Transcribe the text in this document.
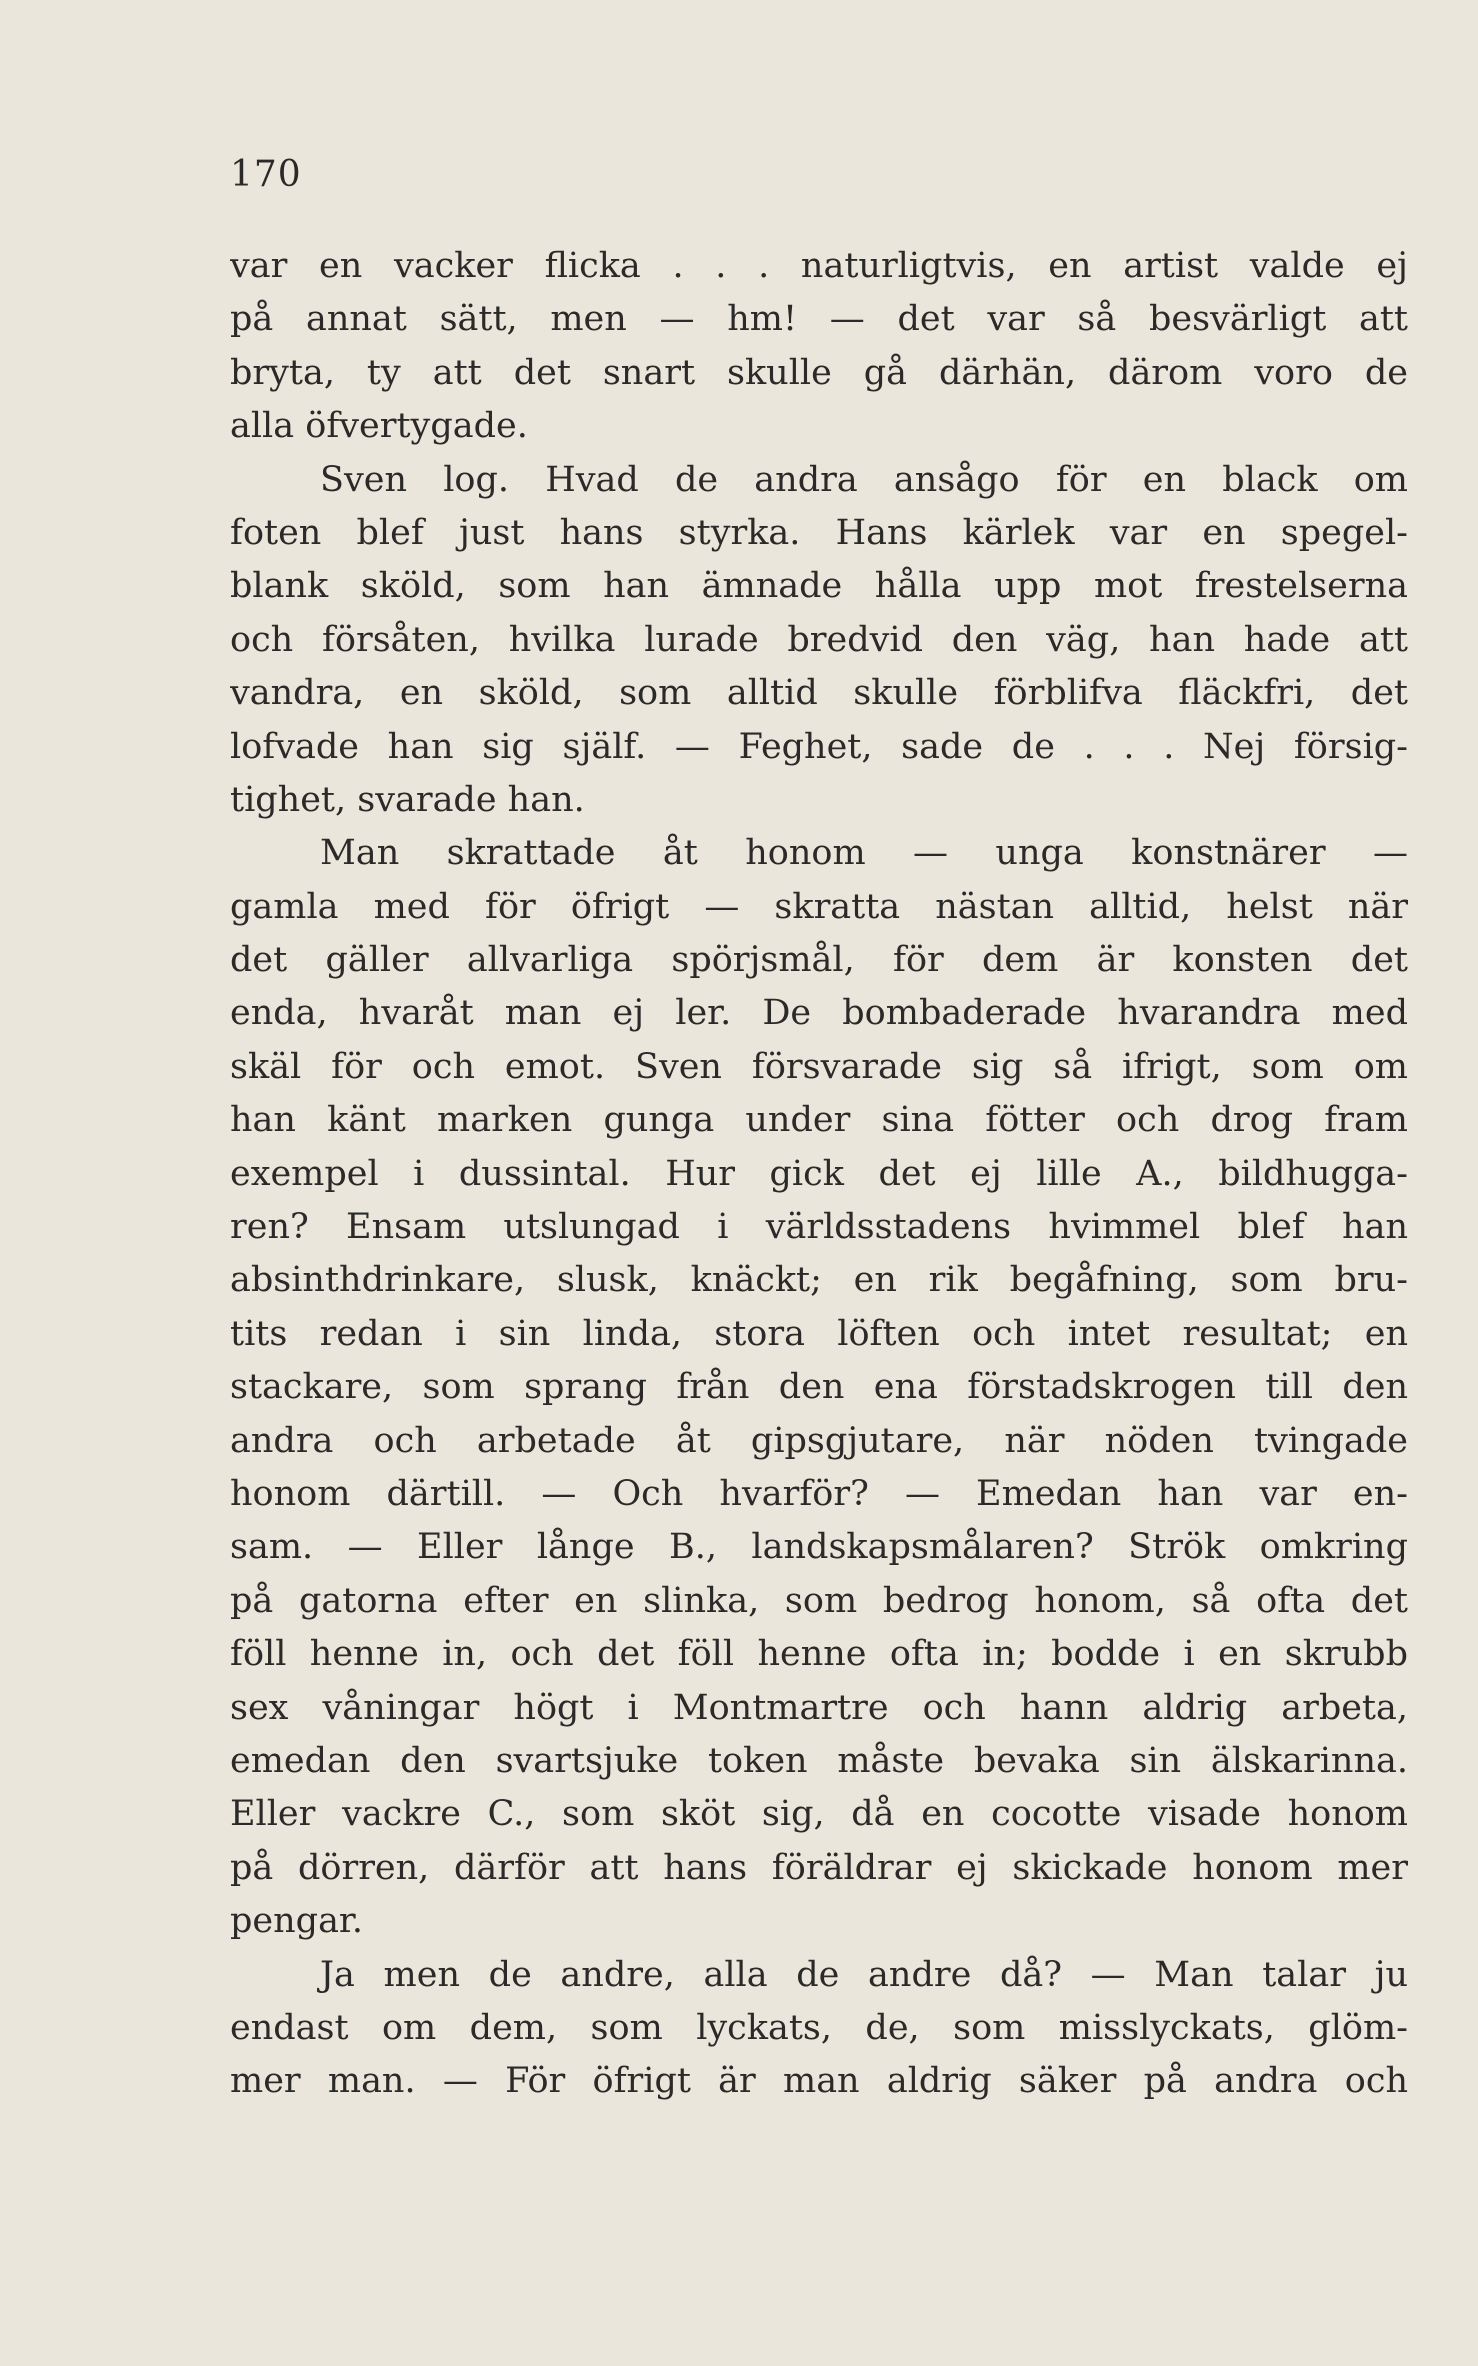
170
var en vacker flicka . . . naturligtvis, en artist valde ej
på annat sätt, men — hm! — det var så besvärligt att
bryta, ty att det snart skulle gå därhän, därom voro de
alla öfvertygade.
Sven log. Hvad de andra ansågo för en black om
foten blef just hans styrka. Hans kärlek var en spegel-
blank sköld, som han ämnade hålla upp mot frestelserna
och försåten, hvilka lurade bredvid den väg, han hade att
vandra, en sköld, som alltid skulle förblifva fläckfri, det
lofvade han sig själf. — Feghet, sade de . . . Nej försig-
tighet, svarade han.
Man skrattade åt honom — unga konstnärer —
gamla med för öfrigt — skratta nästan alltid, helst när
det gäller allvarliga spörjsmål, för dem är konsten det
enda, hvaråt man ej ler. De bombaderade hvarandra med
skäl för och emot. Sven försvarade sig så ifrigt, som om
han känt marken gunga under sina fötter och drog fram
exempel i dussintal. Hur gick det ej lille A., bildhugga-
ren? Ensam utslungad i världsstadens hvimmel blef han
absinthdrinkare, slusk, knäckt; en rik begåfning, som bru-
tits redan i sin linda, stora löften och intet resultat; en
stackare, som sprang från den ena förstadskrogen till den
andra och arbetade åt gipsgjutare, när nöden tvingade
honom därtill. — Och hvarför? — Emedan han var en-
sam. — Eller långe B., landskapsmålaren? Strök omkring
på gatorna efter en slinka, som bedrog honom, så ofta det
föll henne in, och det föll henne ofta in; bodde i en skrubb
sex våningar högt i Montmartre och hann aldrig arbeta,
emedan den svartsjuke token måste bevaka sin älskarinna.
Eller vackre C., som sköt sig, då en cocotte visade honom
på dörren, därför att hans föräldrar ej skickade honom mer
pengar.
Ja men de andre, alla de andre då? — Man talar ju
endast om dem, som lyckats, de, som misslyckats, glöm-
mer man. — För öfrigt är man aldrig säker på andra och
